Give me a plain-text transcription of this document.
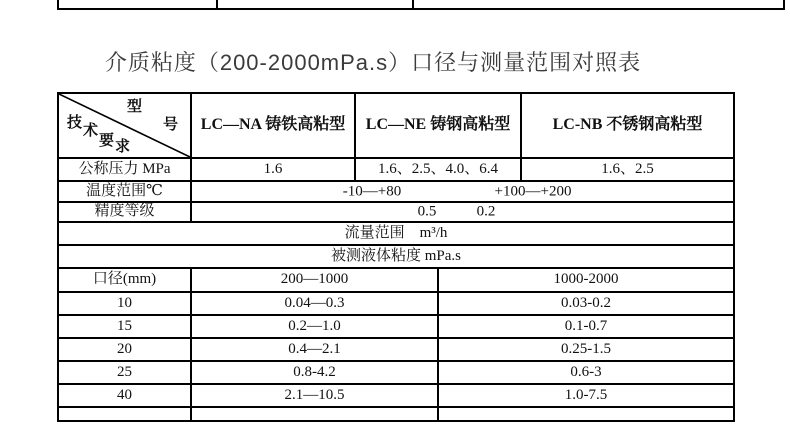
介质粘度（200-2000mPa.s）口径与测量范围对照表
型
号
技 术
要 求
	LC—NA 铸铁高粘型	LC—NE 铸钢高粘型	LC-NB 不锈钢高粘型
公称压力 MPa	1.6	1.6、2.5、4.0、6.4		1.6、2.5
温度范围℃	-10—+80 +100—+200			

精度等级	0.5 0.2			

流量范围　m³/h				
被测液体粘度 mPa.s				
口径(mm)	200—1000		1000-2000	
10	0.04—0.3		0.03-0.2	
15	0.2—1.0		0.1-0.7	
20	0.4—2.1		0.25-1.5	
25	0.8-4.2		0.6-3	
40	2.1—10.5		1.0-7.5	
